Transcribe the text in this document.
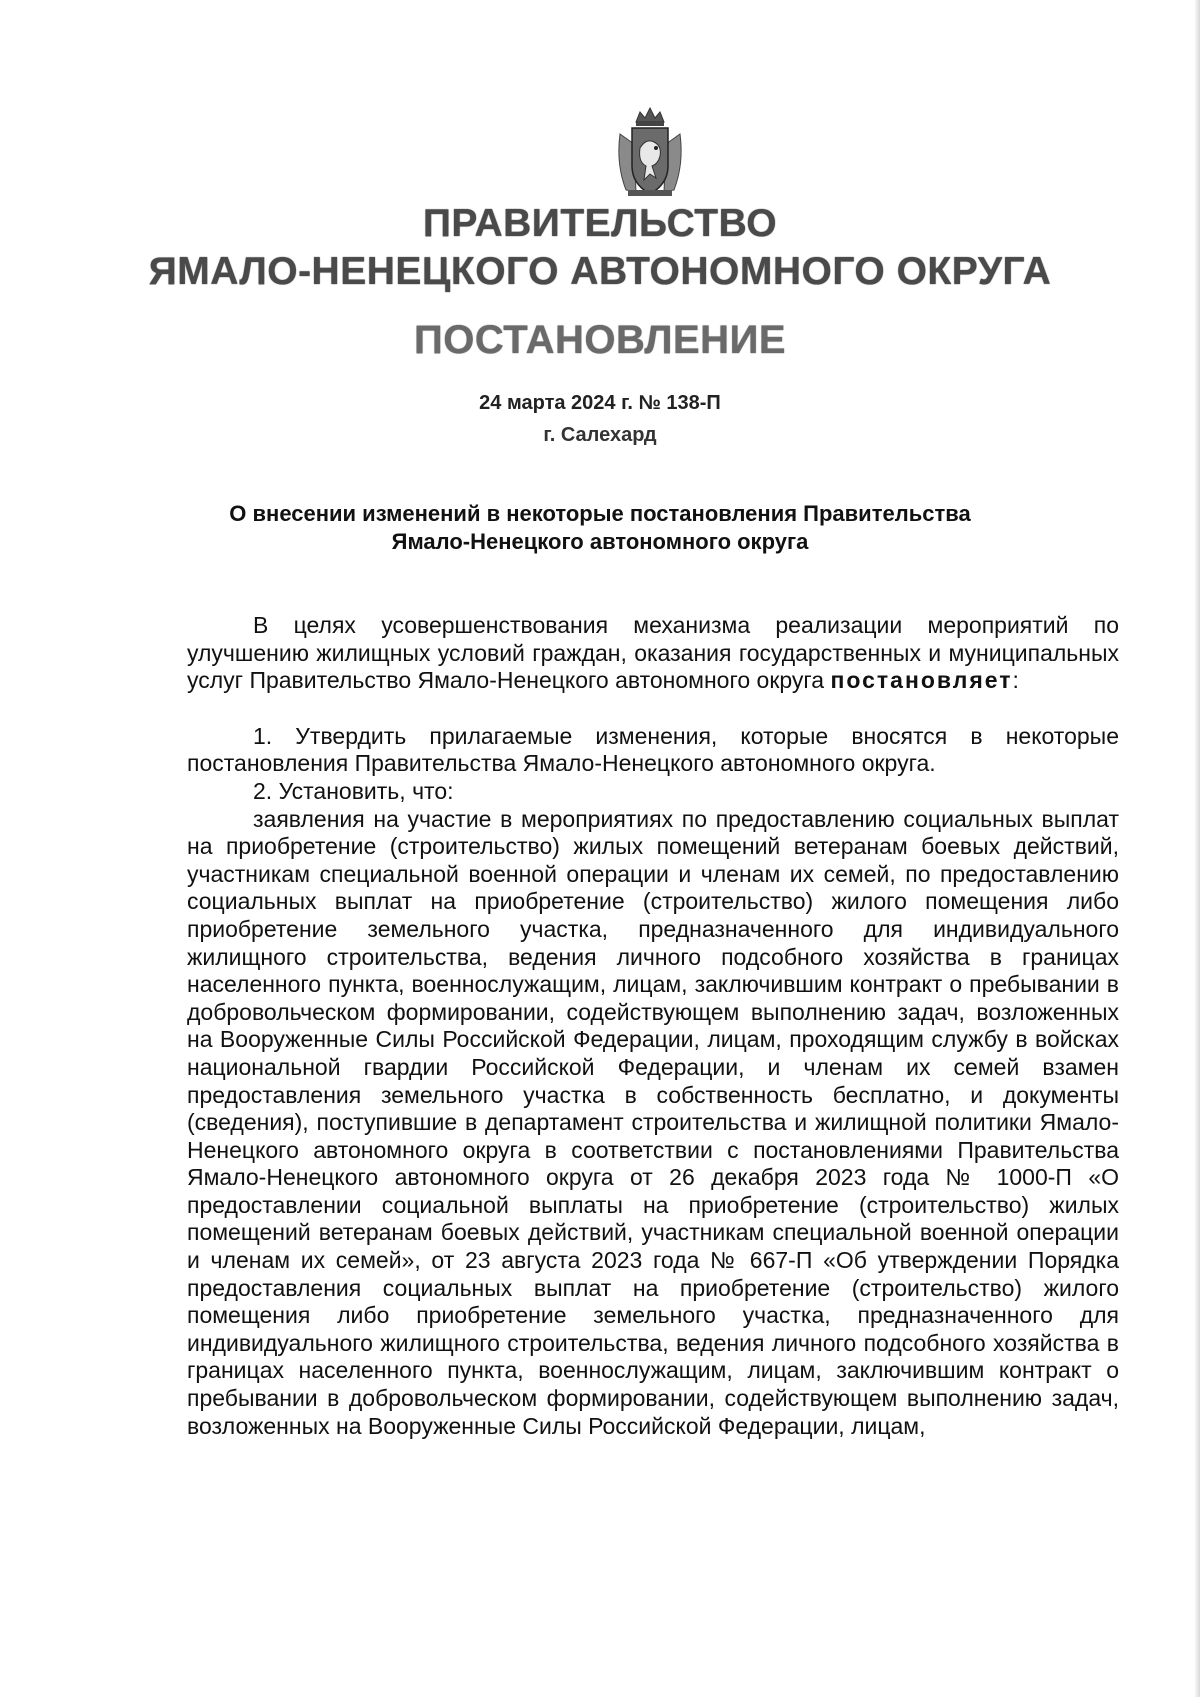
ПРАВИТЕЛЬСТВО
ЯМАЛО-НЕНЕЦКОГО АВТОНОМНОГО ОКРУГА
ПОСТАНОВЛЕНИЕ
24 марта 2024 г. № 138-П
г. Салехард
О внесении изменений в некоторые постановления Правительства
Ямало-Ненецкого автономного округа

В целях усовершенствования механизма реализации мероприятий по улучшению жилищных условий граждан, оказания государственных и муниципальных услуг Правительство Ямало-Ненецкого автономного округа постановляет:

1. Утвердить прилагаемые изменения, которые вносятся в некоторые постановления Правительства Ямало-Ненецкого автономного округа.

2. Установить, что:

заявления на участие в мероприятиях по предоставлению социальных выплат на приобретение (строительство) жилых помещений ветеранам боевых действий, участникам специальной военной операции и членам их семей, по предоставлению социальных выплат на приобретение (строительство) жилого помещения либо приобретение земельного участка, предназначенного для индивидуального жилищного строительства, ведения личного подсобного хозяйства в границах населенного пункта, военнослужащим, лицам, заключившим контракт о пребывании в добровольческом формировании, содействующем выполнению задач, возложенных на Вооруженные Силы Российской Федерации, лицам, проходящим службу в войсках национальной гвардии Российской Федерации, и членам их семей взамен предоставления земельного участка в собственность бесплатно, и документы (сведения), поступившие в департамент строительства и жилищной политики Ямало-Ненецкого автономного округа в соответствии с постановлениями Правительства Ямало-Ненецкого автономного округа от 26 декабря 2023 года № 1000-П «О предоставлении социальной выплаты на приобретение (строительство) жилых помещений ветеранам боевых действий, участникам специальной военной операции и членам их семей», от 23 августа 2023 года № 667-П «Об утверждении Порядка предоставления социальных выплат на приобретение (строительство) жилого помещения либо приобретение земельного участка, предназначенного для индивидуального жилищного строительства, ведения личного подсобного хозяйства в границах населенного пункта, военнослужащим, лицам, заключившим контракт о пребывании в добровольческом формировании, содействующем выполнению задач, возложенных на Вооруженные Силы Российской Федерации, лицам,
